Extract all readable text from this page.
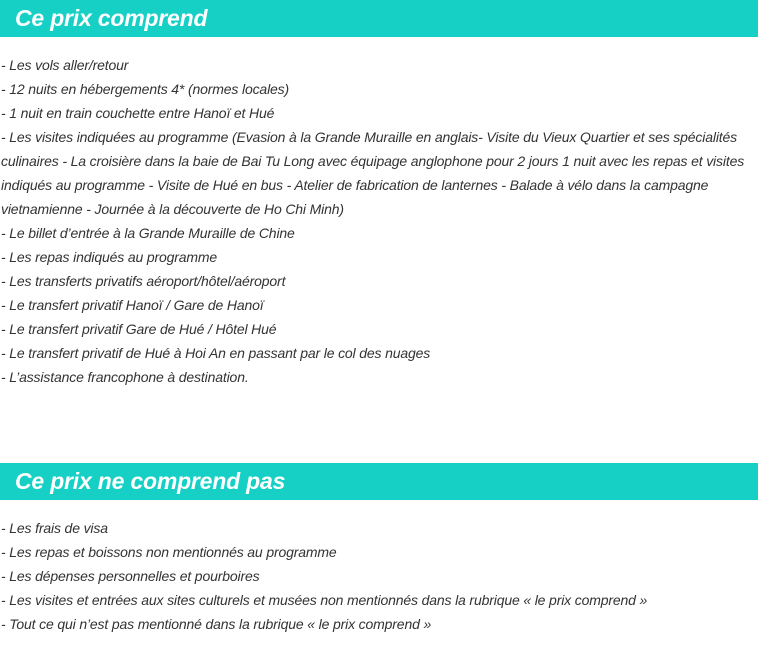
Ce prix comprend
- Les vols aller/retour
- 12 nuits en hébergements 4* (normes locales)
- 1 nuit en train couchette entre Hanoï et Hué
- Les visites indiquées au programme (Evasion à la Grande Muraille en anglais- Visite du Vieux Quartier et ses spécialités culinaires - La croisière dans la baie de Bai Tu Long avec équipage anglophone pour 2 jours 1 nuit avec les repas et visites indiqués au programme - Visite de Hué en bus - Atelier de fabrication de lanternes - Balade à vélo dans la campagne vietnamienne - Journée à la découverte de Ho Chi Minh)
- Le billet d’entrée à la Grande Muraille de Chine
- Les repas indiqués au programme
- Les transferts privatifs aéroport/hôtel/aéroport
- Le transfert privatif Hanoï / Gare de Hanoï
- Le transfert privatif Gare de Hué / Hôtel Hué
- Le transfert privatif de Hué à Hoi An en passant par le col des nuages
- L’assistance francophone à destination.
Ce prix ne comprend pas
- Les frais de visa
- Les repas et boissons non mentionnés au programme
- Les dépenses personnelles et pourboires
- Les visites et entrées aux sites culturels et musées non mentionnés dans la rubrique « le prix comprend »
- Tout ce qui n’est pas mentionné dans la rubrique « le prix comprend »
